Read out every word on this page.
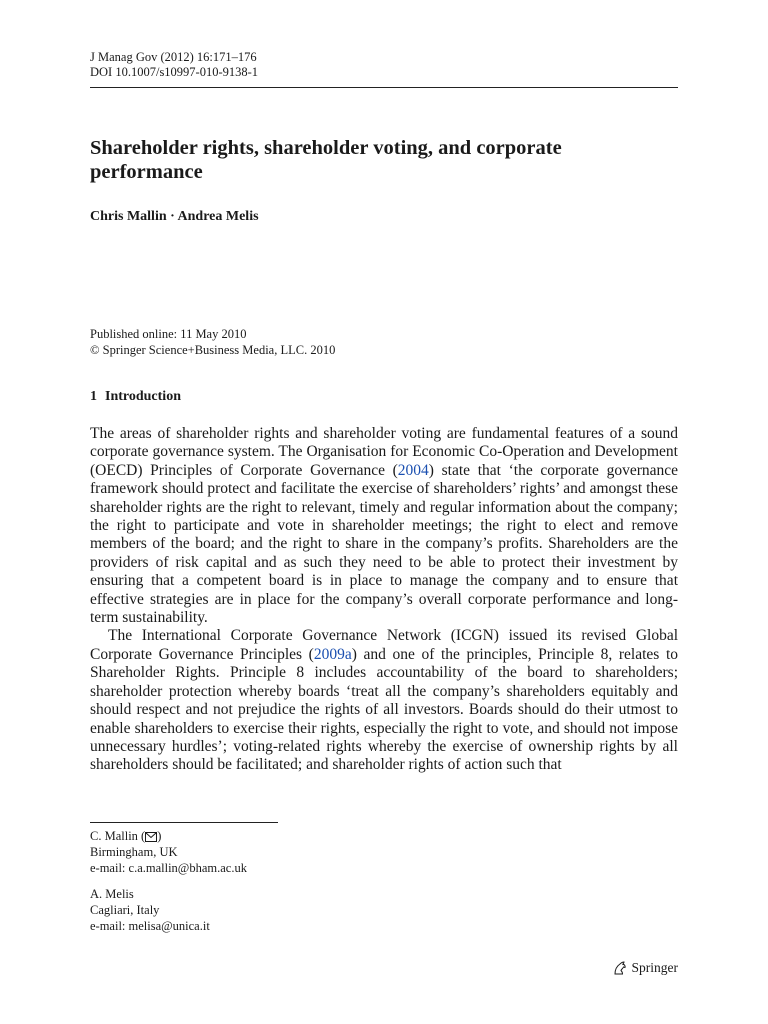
J Manag Gov (2012) 16:171–176
DOI 10.1007/s10997-010-9138-1
Shareholder rights, shareholder voting, and corporate performance
Chris Mallin · Andrea Melis
Published online: 11 May 2010
© Springer Science+Business Media, LLC. 2010
1 Introduction

The areas of shareholder rights and shareholder voting are fundamental features of a sound corporate governance system. The Organisation for Economic Co-Operation and Development (OECD) Principles of Corporate Governance (2004) state that ‘the corporate governance framework should protect and facilitate the exercise of shareholders’ rights’ and amongst these shareholder rights are the right to relevant, timely and regular information about the company; the right to participate and vote in shareholder meetings; the right to elect and remove members of the board; and the right to share in the company’s profits. Shareholders are the providers of risk capital and as such they need to be able to protect their investment by ensuring that a competent board is in place to manage the company and to ensure that effective strategies are in place for the company’s overall corporate performance and long-term sustainability.

The International Corporate Governance Network (ICGN) issued its revised Global Corporate Governance Principles (2009a) and one of the principles, Principle 8, relates to Shareholder Rights. Principle 8 includes accountability of the board to shareholders; shareholder protection whereby boards ‘treat all the company’s shareholders equitably and should respect and not prejudice the rights of all investors. Boards should do their utmost to enable shareholders to exercise their rights, especially the right to vote, and should not impose unnecessary hurdles’; voting-related rights whereby the exercise of ownership rights by all shareholders should be facilitated; and shareholder rights of action such that

C. Mallin ( )
Birmingham, UK
e-mail: c.a.mallin@bham.ac.uk
A. Melis
Cagliari, Italy
e-mail: melisa@unica.it
Springer
